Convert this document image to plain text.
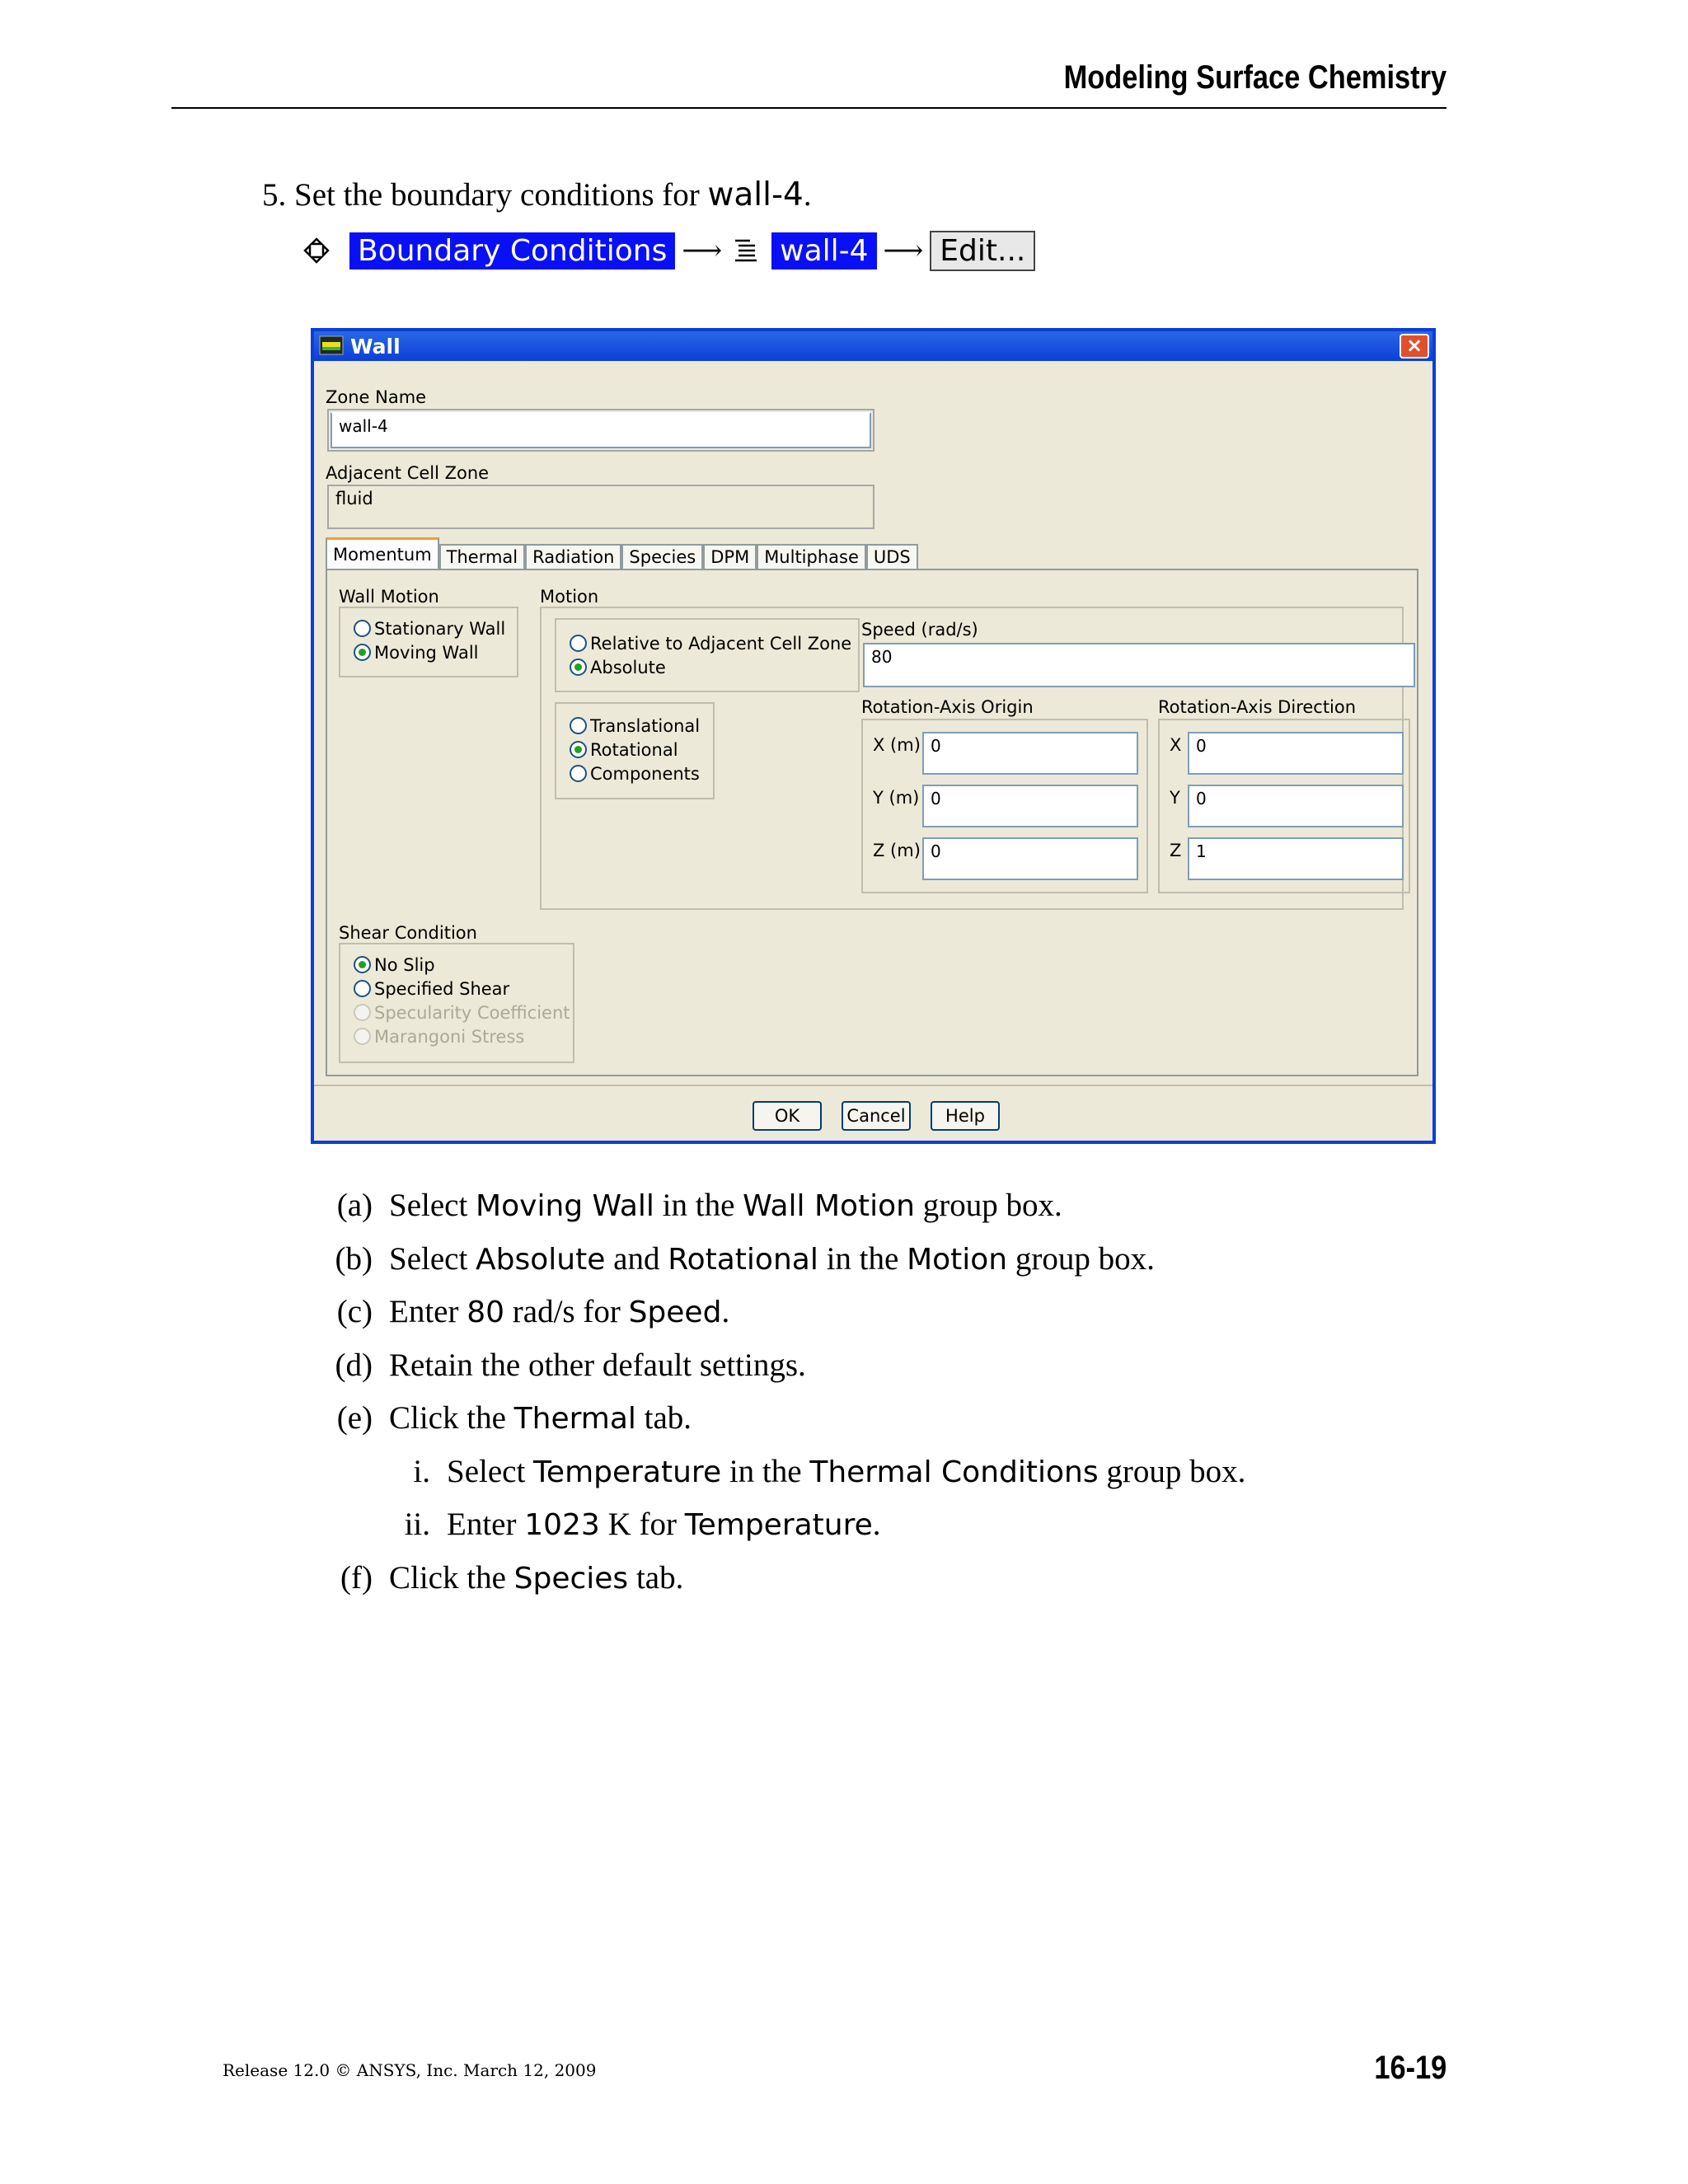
Modeling Surface Chemistry
5. Set the boundary conditions for wall-4.
Boundary Conditions ⟶ wall-4 ⟶ Edit...
Wall	×
Zone Name
wall-4
Adjacent Cell Zone
fluid
Momentum Thermal Radiation Species DPM Multiphase UDS
Wall Motion
Stationary Wall
Moving Wall
Motion
Relative to Adjacent Cell Zone
Absolute
Translational
Rotational
Components
Speed (rad/s)
80
Rotation-Axis Origin
X (m) 0
Y (m) 0
Z (m) 0
Rotation-Axis Direction
X 0
Y 0
Z 1
Shear Condition
No Slip
Specified Shear
Specularity Coefficient
Marangoni Stress
OK	Cancel	Help
(a) Select Moving Wall in the Wall Motion group box.
(b) Select Absolute and Rotational in the Motion group box.
(c) Enter 80 rad/s for Speed.
(d) Retain the other default settings.
(e) Click the Thermal tab.
i. Select Temperature in the Thermal Conditions group box.
ii. Enter 1023 K for Temperature.
(f) Click the Species tab.
Release 12.0 © ANSYS, Inc. March 12, 2009	16-19
